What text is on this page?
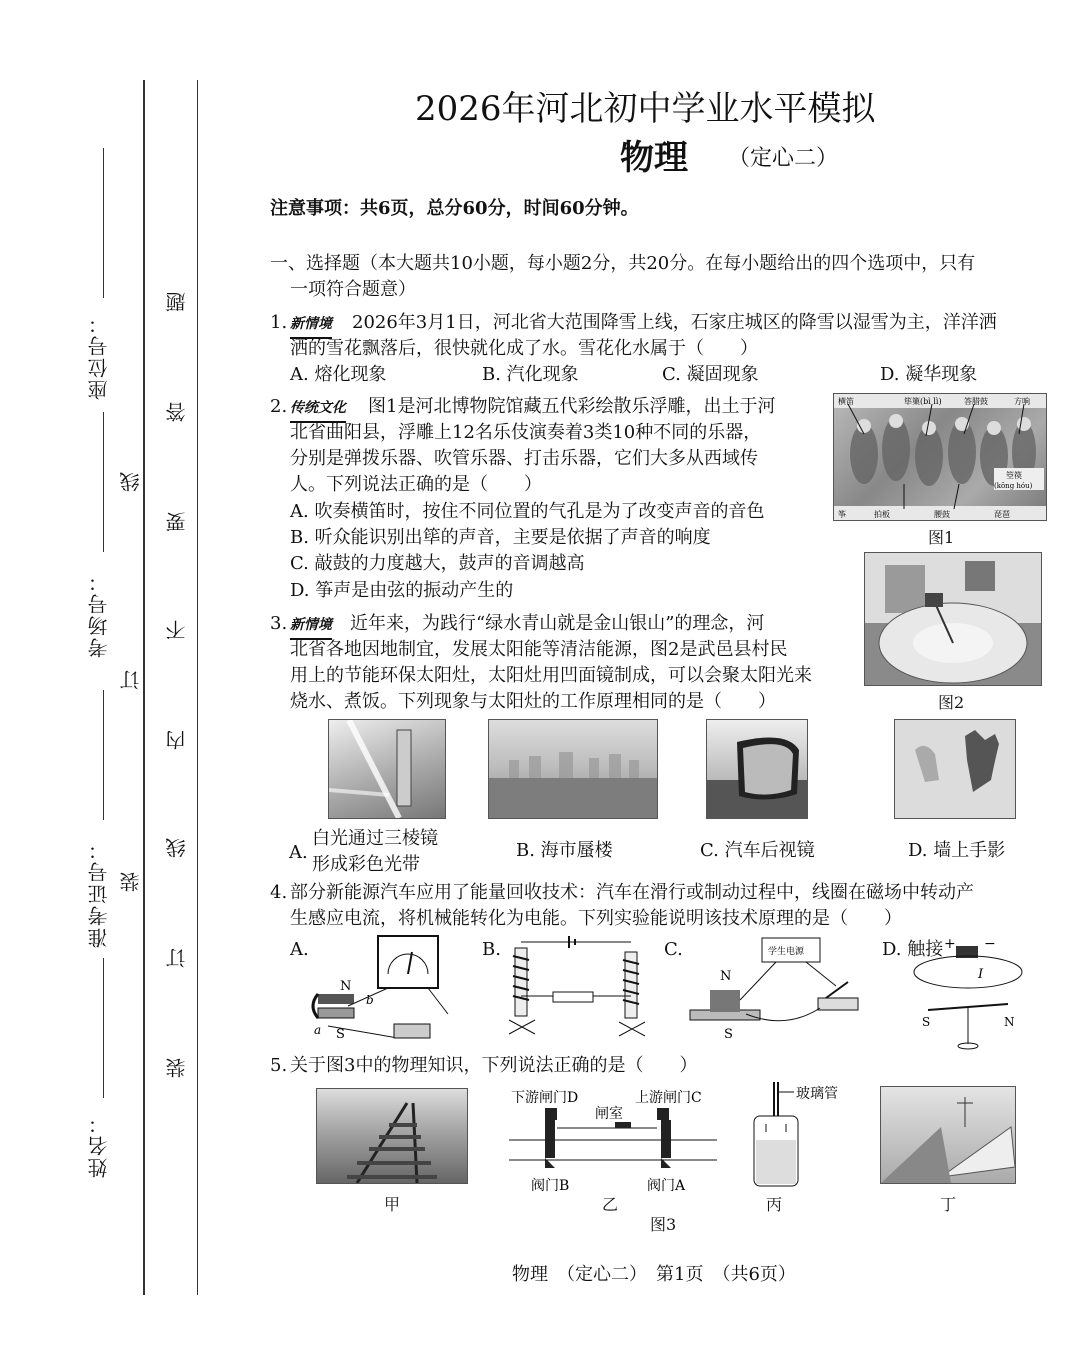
姓名：
准考证号：
考场号：
座位号：
装
订
线
题
答
要
不
内
线
订
装
2026年河北初中学业水平模拟
物理 （定心二）
注意事项：共6页，总分60分，时间60分钟。
一、选择题（本大题共10小题，每小题2分，共20分。在每小题给出的四个选项中，只有
一项符合题意）
1. 新情境 2026年3月1日，河北省大范围降雪上线，石家庄城区的降雪以湿雪为主，洋洋洒
洒的雪花飘落后，很快就化成了水。雪花化水属于（　　）
A. 熔化现象	B. 汽化现象	C. 凝固现象	D. 凝华现象
2. 传统文化 图1是河北博物院馆藏五代彩绘散乐浮雕，出土于河
北省曲阳县，浮雕上12名乐伎演奏着3类10种不同的乐器，
分别是弹拨乐器、吹管乐器、打击乐器，它们大多从西域传
人。下列说法正确的是（　　）
A. 吹奏横笛时，按住不同位置的气孔是为了改变声音的音色
B. 听众能识别出筚的声音，主要是依据了声音的响度
C. 敲鼓的力度越大，鼓声的音调越高
D. 筝声是由弦的振动产生的
横笛	筚篥(bì lì)	答腊鼓	方响
箜篌
(kōng hóu)
拍板
筝	腰鼓	琵琶
图1
图2
3. 新情境 近年来，为践行“绿水青山就是金山银山”的理念，河
北省各地因地制宜，发展太阳能等清洁能源，图2是武邑县村民
用上的节能环保太阳灶，太阳灶用凹面镜制成，可以会聚太阳光来
烧水、煮饭。下列现象与太阳灶的工作原理相同的是（　　）
A.
白光通过三棱镜
形成彩色光带
B. 海市蜃楼	C. 汽车后视镜	D. 墙上手影
4. 部分新能源汽车应用了能量回收技术：汽车在滑行或制动过程中，线圈在磁场中转动产
生感应电流，将机械能转化为电能。下列实验能说明该技术原理的是（　　）
A.	B.	C.	D. 触接
N
S
a
b
学生电源
N
S
+ −
I
S	N
5. 关于图3中的物理知识，下列说法正确的是（　　）
下游闸门D	上游闸门C
闸室
阀门B	阀门A
玻璃管
甲	乙	丙	丁
图3
物理　（定心二）　第1页　（共6页）
